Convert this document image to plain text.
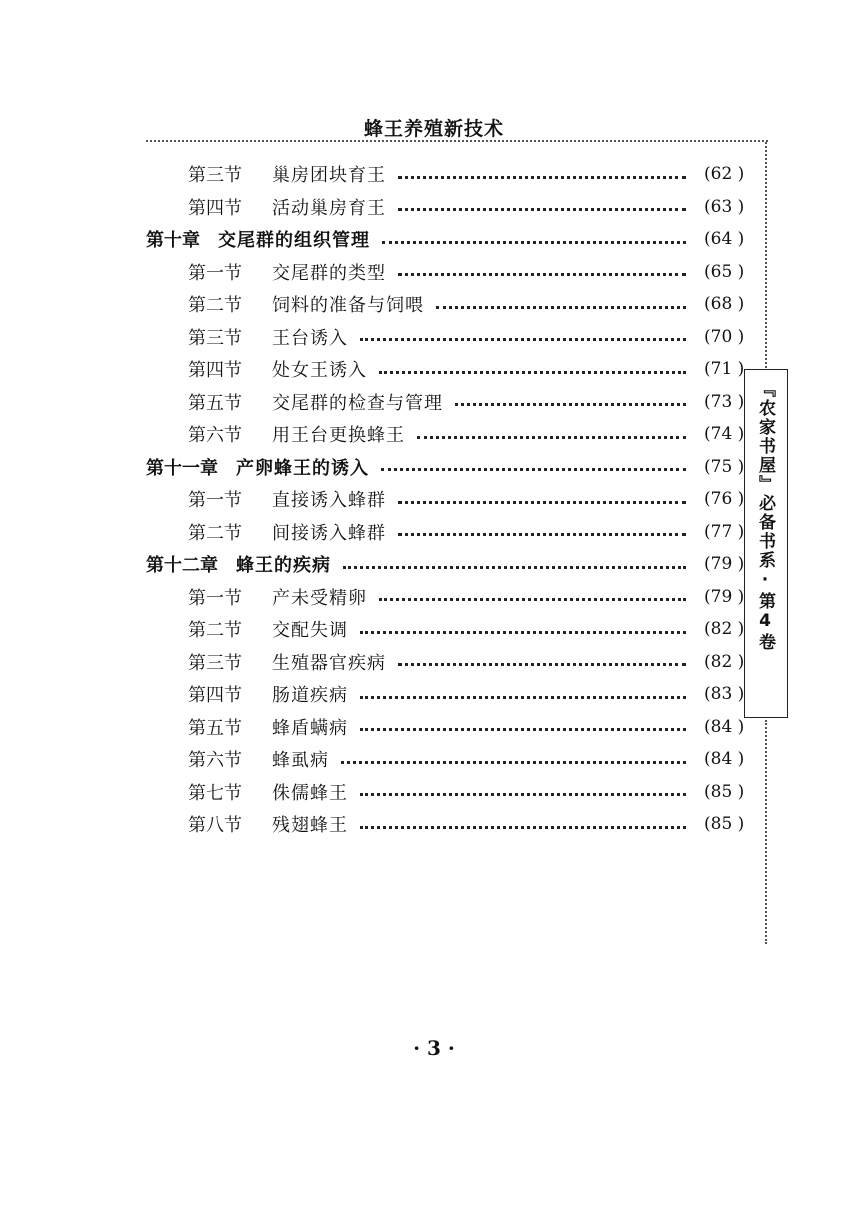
蜂王养殖新技术
『农家书屋』必备书系·第4卷
第三节	巢房团块育王	(62 )
第四节	活动巢房育王	(63 )
第十章 交尾群的组织管理	(64 )
第一节	交尾群的类型	(65 )
第二节	饲料的准备与饲喂	(68 )
第三节	王台诱入	(70 )
第四节	处女王诱入	(71 )
第五节	交尾群的检查与管理	(73 )
第六节	用王台更换蜂王	(74 )
第十一章 产卵蜂王的诱入	(75 )
第一节	直接诱入蜂群	(76 )
第二节	间接诱入蜂群	(77 )
第十二章 蜂王的疾病	(79 )
第一节	产未受精卵	(79 )
第二节	交配失调	(82 )
第三节	生殖器官疾病	(82 )
第四节	肠道疾病	(83 )
第五节	蜂盾螨病	(84 )
第六节	蜂虱病	(84 )
第七节	侏儒蜂王	(85 )
第八节	残翅蜂王	(85 )
· 3 ·
